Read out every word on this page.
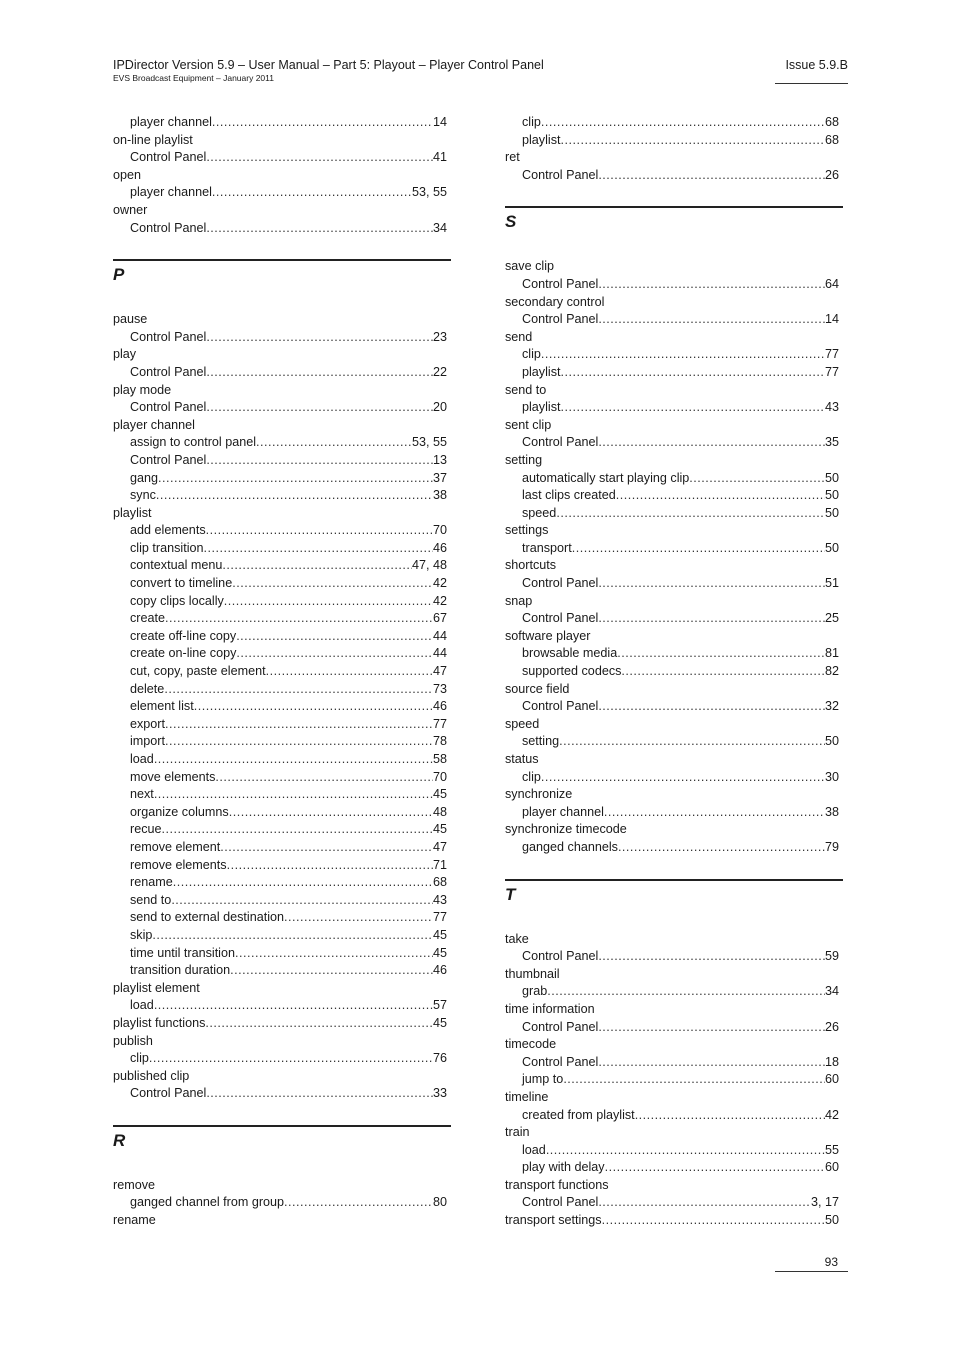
IPDirector Version 5.9 – User Manual – Part 5: Playout – Player Control Panel
EVS Broadcast Equipment – January 2011
Issue 5.9.B
player channel .....	14
on-line playlist
Control Panel .....	41
open
player channel .....	53, 55
owner
Control Panel .....	34
P
pause
Control Panel .....	23
play
Control Panel .....	22
play mode
Control Panel .....	20
player channel
assign to control panel .....	53, 55
Control Panel .....	13
gang .....	37
sync .....	38
playlist
add elements .....	70
clip transition .....	46
contextual menu .....	47, 48
convert to timeline .....	42
copy clips locally .....	42
create .....	67
create off-line copy .....	44
create on-line copy .....	44
cut, copy, paste element .....	47
delete .....	73
element list .....	46
export .....	77
import .....	78
load .....	58
move elements .....	70
next .....	45
organize columns .....	48
recue .....	45
remove element .....	47
remove elements .....	71
rename .....	68
send to .....	43
send to external destination .....	77
skip .....	45
time until transition .....	45
transition duration .....	46
playlist element
load .....	57
playlist functions .....	45
publish
clip .....	76
published clip
Control Panel .....	33
R
remove
ganged channel from group .....	80
rename
clip .....	68
playlist .....	68
ret
Control Panel .....	26
S
save clip
Control Panel .....	64
secondary control
Control Panel .....	14
send
clip .....	77
playlist .....	77
send to
playlist .....	43
sent clip
Control Panel .....	35
setting
automatically start playing clip .....	50
last clips created .....	50
speed .....	50
settings
transport .....	50
shortcuts
Control Panel .....	51
snap
Control Panel .....	25
software player
browsable media .....	81
supported codecs .....	82
source field
Control Panel .....	32
speed
setting .....	50
status
clip .....	30
synchronize
player channel .....	38
synchronize timecode
ganged channels .....	79
T
take
Control Panel .....	59
thumbnail
grab .....	34
time information
Control Panel .....	26
timecode
Control Panel .....	18
jump to .....	60
timeline
created from playlist .....	42
train
load .....	55
play with delay .....	60
transport functions
Control Panel .....	3, 17
transport settings .....	50
93
